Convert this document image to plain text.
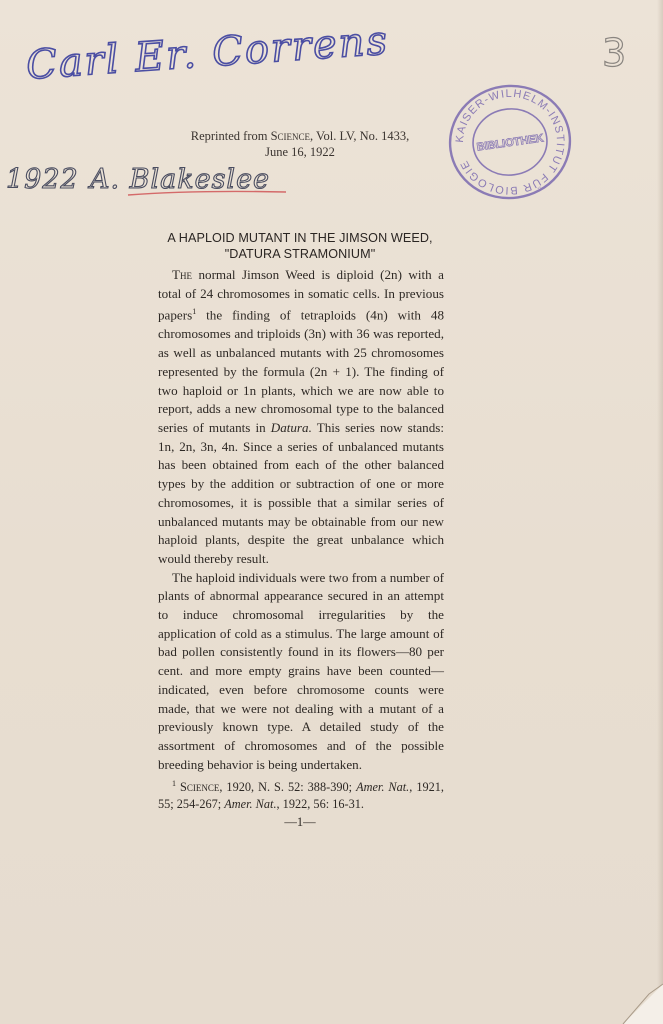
Carl Er. Correns	3
KAISER-WILHELM-INSTITUT FÜR BIOLOGIE
BIBLIOTHEK
Reprinted from Science, Vol. LV, No. 1433,
June 16, 1922
1922 A. Blakeslee
A HAPLOID MUTANT IN THE JIMSON WEED,
"DATURA STRAMONIUM"

The normal Jimson Weed is diploid (2n) with a total of 24 chromosomes in somatic cells. In previous papers$^1$ the finding of tetraploids (4n) with 48 chromosomes and triploids (3n) with 36 was reported, as well as unbalanced mutants with 25 chromosomes represented by the formula (2n + 1). The finding of two haploid or 1n plants, which we are now able to report, adds a new chromosomal type to the balanced series of mutants in Datura. This series now stands: 1n, 2n, 3n, 4n. Since a series of unbalanced mutants has been obtained from each of the other balanced types by the addition or subtraction of one or more chromosomes, it is possible that a similar series of unbalanced mutants may be obtainable from our new haploid plants, despite the great unbalance which would thereby result.

The haploid individuals were two from a number of plants of abnormal appearance secured in an attempt to induce chromosomal irregularities by the application of cold as a stimulus. The large amount of bad pollen consistently found in its flowers—80 per cent. and more empty grains have been counted—indicated, even before chromosome counts were made, that we were not dealing with a mutant of a previously known type. A detailed study of the assortment of chromosomes and of the possible breeding behavior is being undertaken.

$^1$ Science, 1920, N. S. 52: 388-390; Amer. Nat., 1921, 55; 254-267; Amer. Nat., 1922, 56: 16-31.

—1—
